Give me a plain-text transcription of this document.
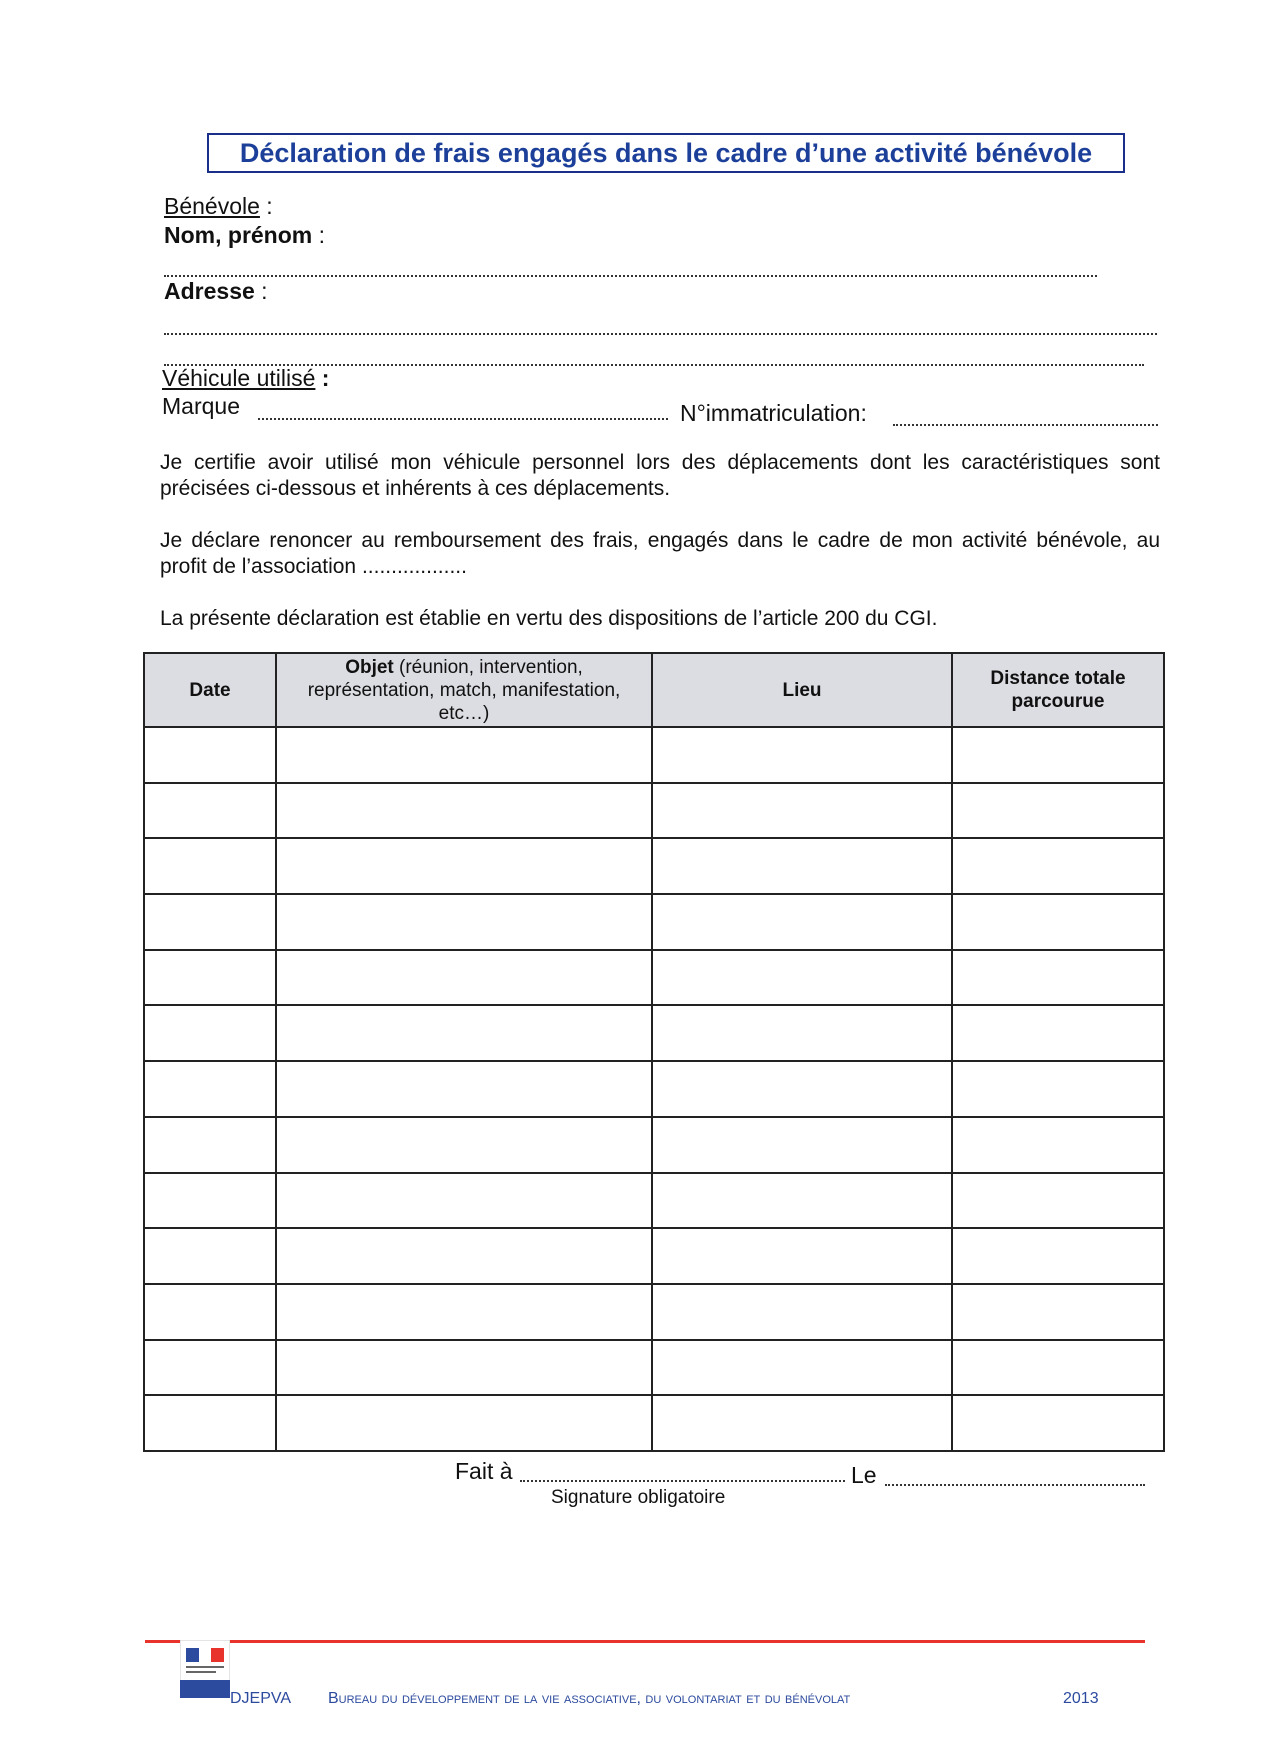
Déclaration de frais engagés dans le cadre d’une activité bénévole
Bénévole :
Nom, prénom :
Adresse :
Véhicule utilisé :
Marque	N°immatriculation:
Je certifie avoir utilisé mon véhicule personnel lors des déplacements dont les caractéristiques sont précisées ci-dessous et inhérents à ces déplacements.
Je déclare renoncer au remboursement des frais, engagés dans le cadre de mon activité bénévole, au profit de l’association ..................
La présente déclaration est établie en vertu des dispositions de l’article 200 du CGI.
Date	Objet (réunion, intervention, représentation, match, manifestation, etc…)	Lieu	Distance totale parcourue

Fait à	Le
Signature obligatoire
DJEPVA Bureau du développement de la vie associative, du volontariat et du bénévolat	2013
